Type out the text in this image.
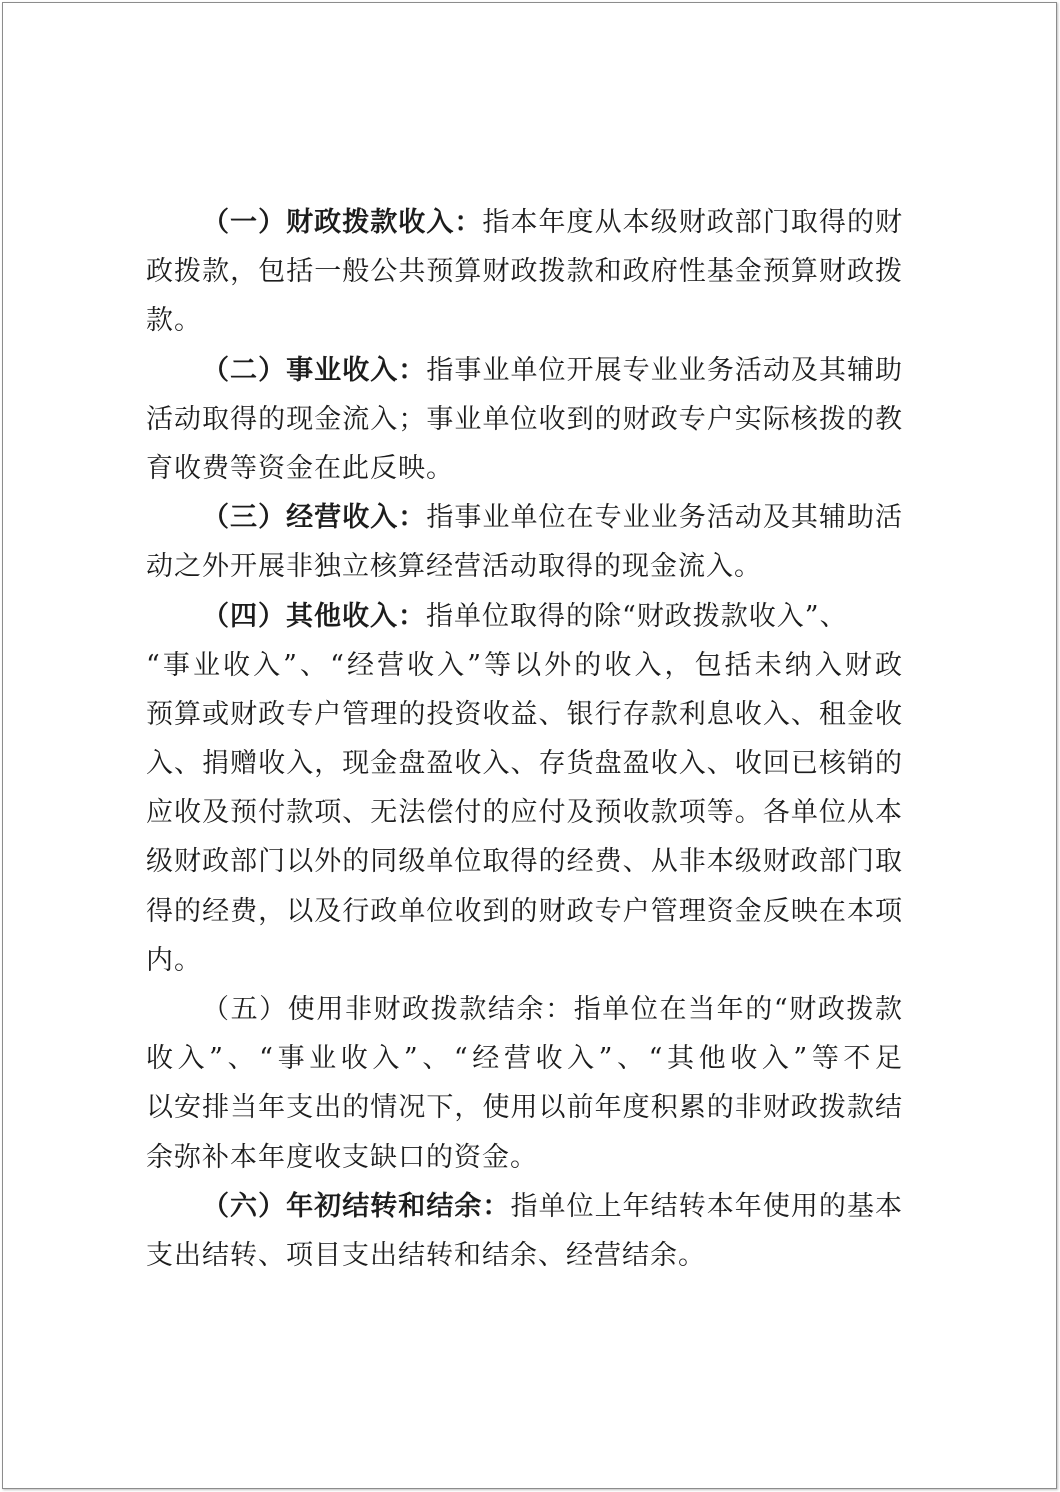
（一）财政拨款收入：指本年度从本级财政部门取得的财
政拨款，包括一般公共预算财政拨款和政府性基金预算财政拨
款。
（二）事业收入：指事业单位开展专业业务活动及其辅助
活动取得的现金流入；事业单位收到的财政专户实际核拨的教
育收费等资金在此反映。
（三）经营收入：指事业单位在专业业务活动及其辅助活
动之外开展非独立核算经营活动取得的现金流入。
（四）其他收入：指单位取得的除“财政拨款收入”、
“事业收入”、“经营收入”等以外的收入，包括未纳入财政
预算或财政专户管理的投资收益、银行存款利息收入、租金收
入、捐赠收入，现金盘盈收入、存货盘盈收入、收回已核销的
应收及预付款项、无法偿付的应付及预收款项等。各单位从本
级财政部门以外的同级单位取得的经费、从非本级财政部门取
得的经费，以及行政单位收到的财政专户管理资金反映在本项
内。
（五）使用非财政拨款结余：指单位在当年的“财政拨款
收入”、“事业收入”、“经营收入”、“其他收入”等不足
以安排当年支出的情况下，使用以前年度积累的非财政拨款结
余弥补本年度收支缺口的资金。
（六）年初结转和结余：指单位上年结转本年使用的基本
支出结转、项目支出结转和结余、经营结余。
